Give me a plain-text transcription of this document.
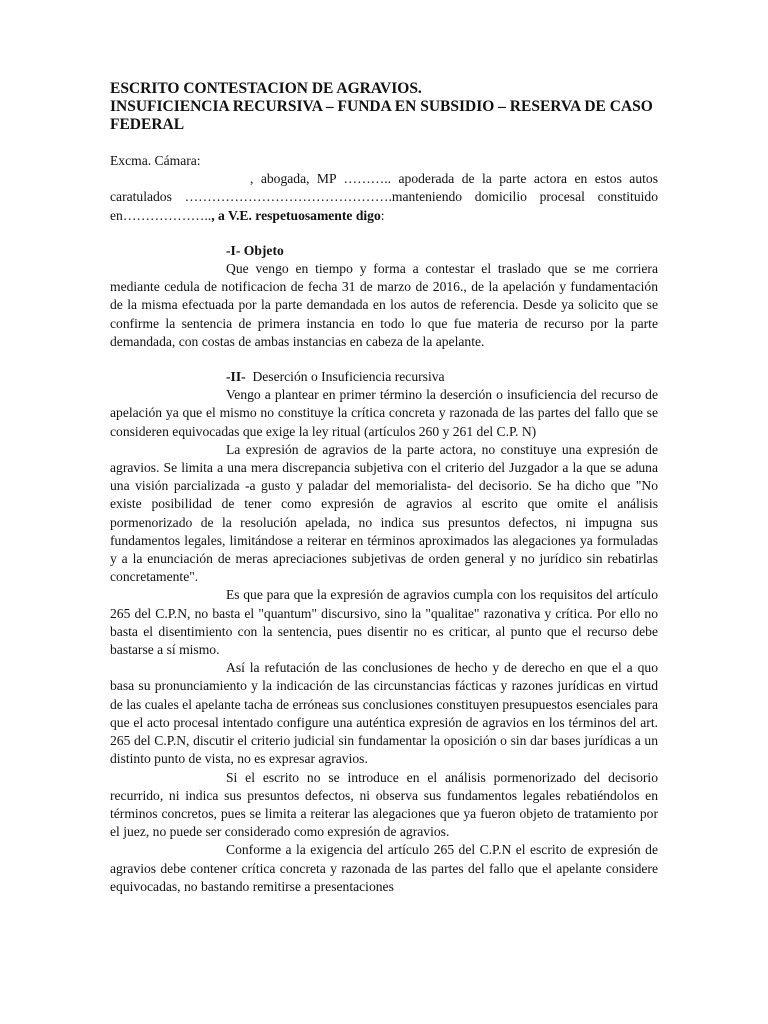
ESCRITO CONTESTACION DE AGRAVIOS.

INSUFICIENCIA RECURSIVA – FUNDA EN SUBSIDIO – RESERVA DE CASO FEDERAL

Excma. Cámara:

, abogada, MP ……….. apoderada de la parte actora en estos autos caratulados ……………………………………….manteniendo domicilio procesal constituido en……………….., a V.E. respetuosamente digo:

-I- Objeto

Que vengo en tiempo y forma a contestar el traslado que se me corriera mediante cedula de notificacion de fecha 31 de marzo de 2016., de la apelación y fundamentación de la misma efectuada por la parte demandada en los autos de referencia. Desde ya solicito que se confirme la sentencia de primera instancia en todo lo que fue materia de recurso por la parte demandada, con costas de ambas instancias en cabeza de la apelante.

-II- Deserción o Insuficiencia recursiva

Vengo a plantear en primer término la deserción o insuficiencia del recurso de apelación ya que el mismo no constituye la crítica concreta y razonada de las partes del fallo que se consideren equivocadas que exige la ley ritual (artículos 260 y 261 del C.P. N)

La expresión de agravios de la parte actora, no constituye una expresión de agravios. Se limita a una mera discrepancia subjetiva con el criterio del Juzgador a la que se aduna una visión parcializada -a gusto y paladar del memorialista- del decisorio. Se ha dicho que "No existe posibilidad de tener como expresión de agravios al escrito que omite el análisis pormenorizado de la resolución apelada, no indica sus presuntos defectos, ni impugna sus fundamentos legales, limitándose a reiterar en términos aproximados las alegaciones ya formuladas y a la enunciación de meras apreciaciones subjetivas de orden general y no jurídico sin rebatirlas concretamente".

Es que para que la expresión de agravios cumpla con los requisitos del artículo 265 del C.P.N, no basta el "quantum" discursivo, sino la "qualitae" razonativa y crítica. Por ello no basta el disentimiento con la sentencia, pues disentir no es criticar, al punto que el recurso debe bastarse a sí mismo.

Así la refutación de las conclusiones de hecho y de derecho en que el a quo basa su pronunciamiento y la indicación de las circunstancias fácticas y razones jurídicas en virtud de las cuales el apelante tacha de erróneas sus conclusiones constituyen presupuestos esenciales para que el acto procesal intentado configure una auténtica expresión de agravios en los términos del art. 265 del C.P.N, discutir el criterio judicial sin fundamentar la oposición o sin dar bases jurídicas a un distinto punto de vista, no es expresar agravios.

Si el escrito no se introduce en el análisis pormenorizado del decisorio recurrido, ni indica sus presuntos defectos, ni observa sus fundamentos legales rebatiéndolos en términos concretos, pues se limita a reiterar las alegaciones que ya fueron objeto de tratamiento por el juez, no puede ser considerado como expresión de agravios.

Conforme a la exigencia del artículo 265 del C.P.N el escrito de expresión de agravios debe contener crítica concreta y razonada de las partes del fallo que el apelante considere equivocadas, no bastando remitirse a presentaciones
